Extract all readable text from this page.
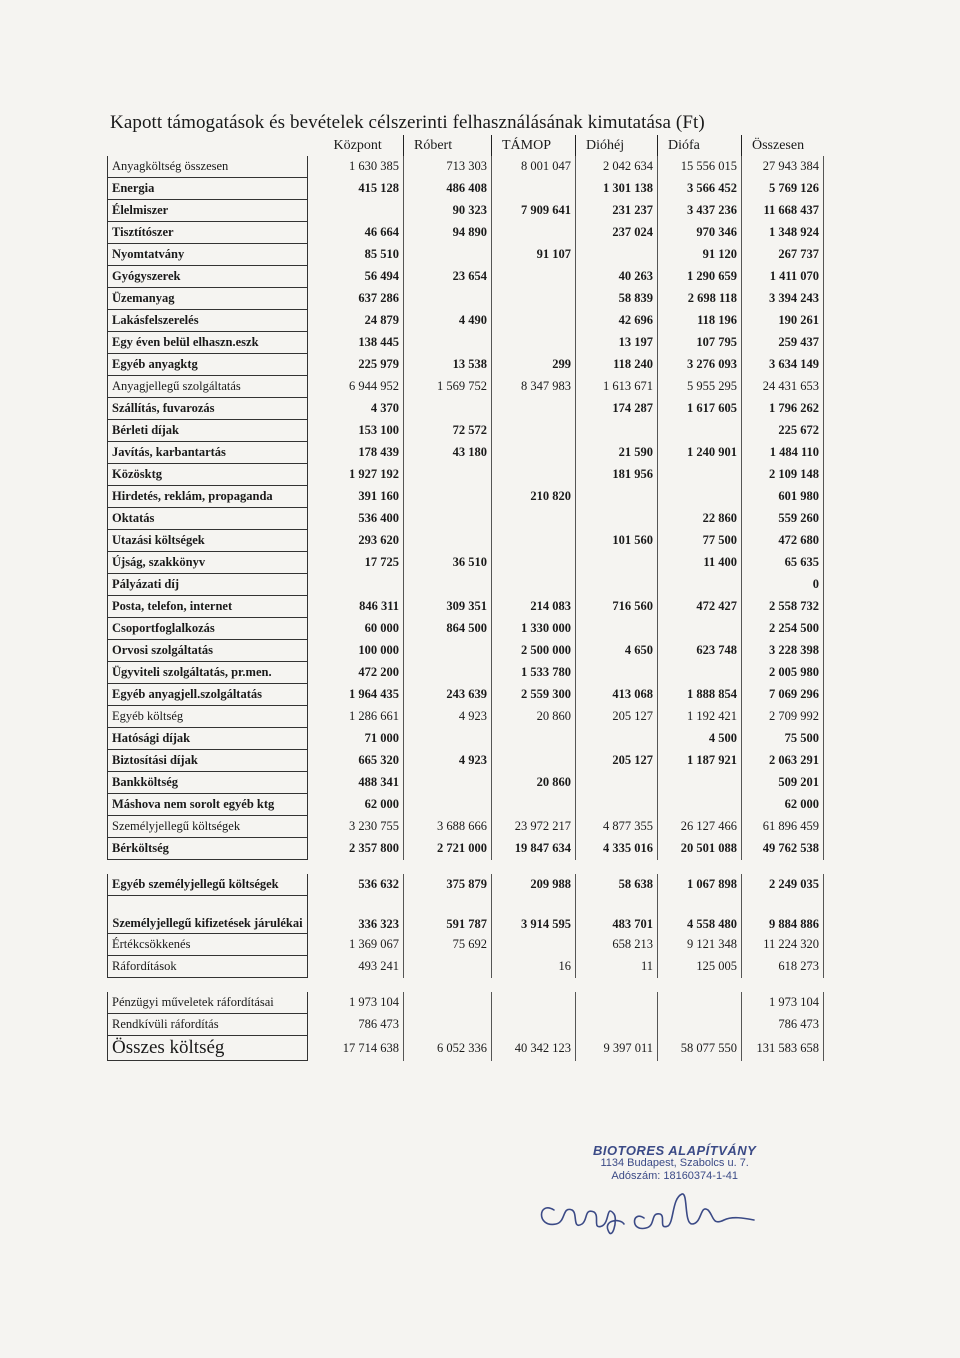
Kapott támogatások és bevételek célszerinti felhasználásának kimutatása (Ft)
	Központ	Róbert	TÁMOP	Dióhéj	Diófa	Összesen
Anyagköltség összesen	1 630 385	713 303	8 001 047	2 042 634	15 556 015	27 943 384
Energia	415 128	486 408		1 301 138	3 566 452	5 769 126
Élelmiszer		90 323	7 909 641	231 237	3 437 236	11 668 437
Tisztítószer	46 664	94 890		237 024	970 346	1 348 924
Nyomtatvány	85 510		91 107		91 120	267 737
Gyógyszerek	56 494	23 654		40 263	1 290 659	1 411 070
Üzemanyag	637 286			58 839	2 698 118	3 394 243
Lakásfelszerelés	24 879	4 490		42 696	118 196	190 261
Egy éven belül elhaszn.eszk	138 445			13 197	107 795	259 437
Egyéb anyagktg	225 979	13 538	299	118 240	3 276 093	3 634 149
Anyagjellegű szolgáltatás	6 944 952	1 569 752	8 347 983	1 613 671	5 955 295	24 431 653
Szállítás, fuvarozás	4 370			174 287	1 617 605	1 796 262
Bérleti díjak	153 100	72 572				225 672
Javítás, karbantartás	178 439	43 180		21 590	1 240 901	1 484 110
Közösktg	1 927 192			181 956		2 109 148
Hirdetés, reklám, propaganda	391 160		210 820			601 980
Oktatás	536 400				22 860	559 260
Utazási költségek	293 620			101 560	77 500	472 680
Újság, szakkönyv	17 725	36 510			11 400	65 635
Pályázati díj						0
Posta, telefon, internet	846 311	309 351	214 083	716 560	472 427	2 558 732
Csoportfoglalkozás	60 000	864 500	1 330 000			2 254 500
Orvosi szolgáltatás	100 000		2 500 000	4 650	623 748	3 228 398
Ügyviteli szolgáltatás, pr.men.	472 200		1 533 780			2 005 980
Egyéb anyagjell.szolgáltatás	1 964 435	243 639	2 559 300	413 068	1 888 854	7 069 296
Egyéb költség	1 286 661	4 923	20 860	205 127	1 192 421	2 709 992
Hatósági díjak	71 000				4 500	75 500
Biztosítási díjak	665 320	4 923		205 127	1 187 921	2 063 291
Bankköltség	488 341		20 860			509 201
Máshova nem sorolt egyéb ktg	62 000					62 000
Személyjellegű költségek	3 230 755	3 688 666	23 972 217	4 877 355	26 127 466	61 896 459
Bérköltség	2 357 800	2 721 000	19 847 634	4 335 016	20 501 088	49 762 538

Egyéb személyjellegű költségek	536 632	375 879	209 988	58 638	1 067 898	2 249 035
Személyjellegű kifizetések járulékai	336 323	591 787	3 914 595	483 701	4 558 480	9 884 886
Értékcsökkenés	1 369 067	75 692		658 213	9 121 348	11 224 320
Ráfordítások	493 241		16	11	125 005	618 273

Pénzügyi műveletek ráfordításai	1 973 104					1 973 104
Rendkívüli ráfordítás	786 473					786 473
Összes költség	17 714 638	6 052 336	40 342 123	9 397 011	58 077 550	131 583 658
BIOTORES ALAPÍTVÁNY
1134 Budapest, Szabolcs u. 7.
Adószám: 18160374-1-41
